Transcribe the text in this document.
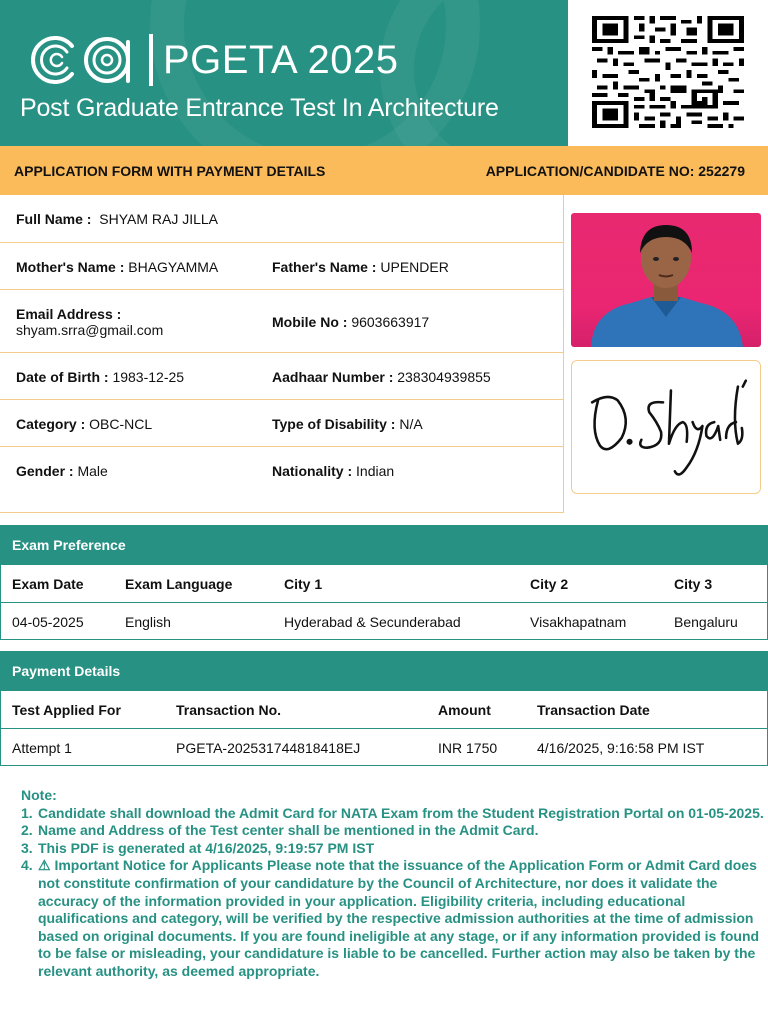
PGETA 2025
Post Graduate Entrance Test In Architecture
APPLICATION FORM WITH PAYMENT DETAILS	APPLICATION/CANDIDATE NO: 252279
Full Name :
SHYAM RAJ JILLA
Mother's Name :
BHAGYAMMA	Father's Name :
UPENDER
Email Address :
shyam.srra@gmail.com	Mobile No :
9603663917
Date of Birth :
1983-12-25	Aadhaar Number :
238304939855
Category :
OBC-NCL	Type of Disability :
N/A
Gender :
Male	Nationality :
Indian
Exam Preference
Exam Date	Exam Language	City 1	City 2	City 3
04-05-2025	English	Hyderabad & Secunderabad	Visakhapatnam	Bengaluru
Payment Details
Test Applied For	Transaction No.	Amount	Transaction Date
Attempt 1	PGETA-202531744818418EJ	INR 1750	4/16/2025, 9:16:58 PM IST
Note:
1. Candidate shall download the Admit Card for NATA Exam from the Student Registration Portal on 01-05-2025.
2. Name and Address of the Test center shall be mentioned in the Admit Card.
3. This PDF is generated at 4/16/2025, 9:19:57 PM IST
4. ⚠ Important Notice for Applicants Please note that the issuance of the Application Form or Admit Card does not constitute confirmation of your candidature by the Council of Architecture, nor does it validate the accuracy of the information provided in your application. Eligibility criteria, including educational qualifications and category, will be verified by the respective admission authorities at the time of admission based on original documents. If you are found ineligible at any stage, or if any information provided is found to be false or misleading, your candidature is liable to be cancelled. Further action may also be taken by the relevant authority, as deemed appropriate.
